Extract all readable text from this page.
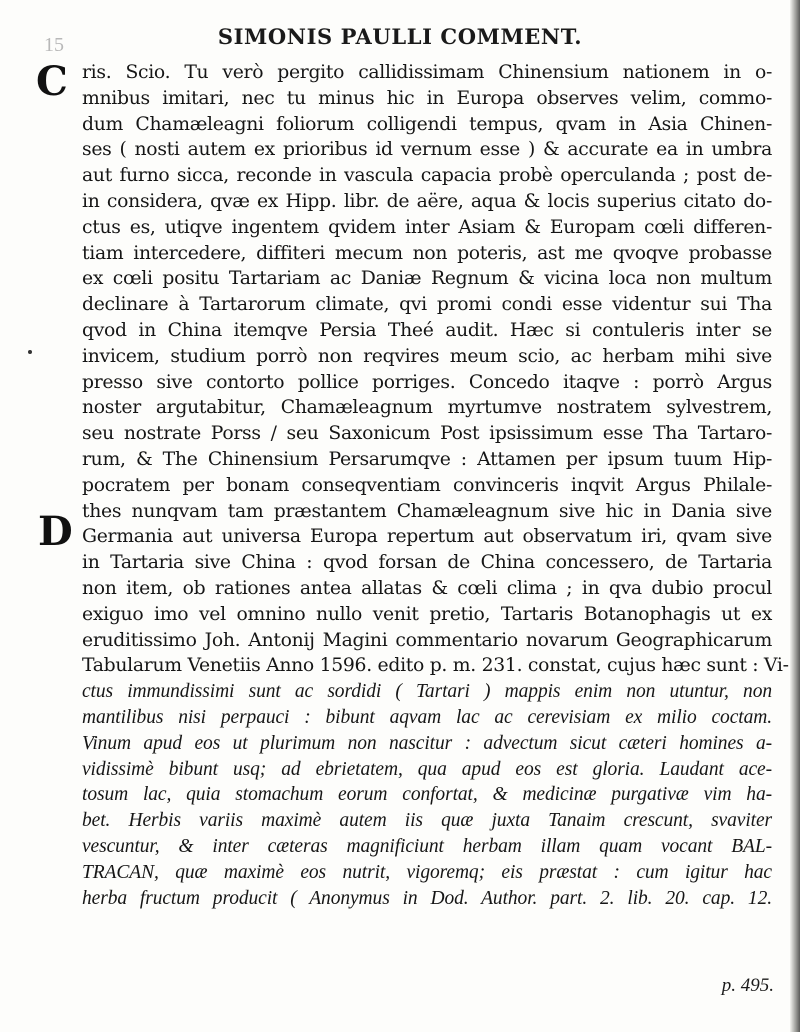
15	SIMONIS PAULLI COMMENT.
C
D
ris. Scio. Tu verò pergito callidissimam Chinensium nationem in o-
mnibus imitari, nec tu minus hic in Europa observes velim, commo-
dum Chamæleagni foliorum colligendi tempus, qvam in Asia Chinen-
ses ( nosti autem ex prioribus id vernum esse ) & accurate ea in umbra
aut furno sicca, reconde in vascula capacia probè operculanda ; post de-
in considera, qvæ ex Hipp. libr. de aëre, aqua & locis superius citato do-
ctus es, utiqve ingentem qvidem inter Asiam & Europam cœli differen-
tiam intercedere, diffiteri mecum non poteris, ast me qvoqve probasse
ex cœli positu Tartariam ac Daniæ Regnum & vicina loca non multum
declinare à Tartarorum climate, qvi promi condi esse videntur sui Tha
qvod in China itemqve Persia Theé audit. Hæc si contuleris inter se
invicem, studium porrò non reqvires meum scio, ac herbam mihi sive
presso sive contorto pollice porriges. Concedo itaqve : porrò Argus
noster argutabitur, Chamæleagnum myrtumve nostratem sylvestrem,
seu nostrate Porss / seu Saxonicum Post ipsissimum esse Tha Tartaro-
rum, & The Chinensium Persarumqve : Attamen per ipsum tuum Hip-
pocratem per bonam conseqventiam convinceris inqvit Argus Philale-
thes nunqvam tam præstantem Chamæleagnum sive hic in Dania sive
Germania aut universa Europa repertum aut observatum iri, qvam sive
in Tartaria sive China : qvod forsan de China concessero, de Tartaria
non item, ob rationes antea allatas & cœli clima ; in qva dubio procul
exiguo imo vel omnino nullo venit pretio, Tartaris Botanophagis ut ex
eruditissimo Joh. Antonij Magini commentario novarum Geographicarum
Tabularum Venetiis Anno 1596. edito p. m. 231. constat, cujus hæc sunt : Vi-
ctus immundissimi sunt ac sordidi ( Tartari ) mappis enim non utuntur, non
mantilibus nisi perpauci : bibunt aqvam lac ac cerevisiam ex milio coctam.
Vinum apud eos ut plurimum non nascitur : advectum sicut cæteri homines a-
vidissimè bibunt usq; ad ebrietatem, qua apud eos est gloria. Laudant ace-
tosum lac, quia stomachum eorum confortat, & medicinæ purgativæ vim ha-
bet. Herbis variis maximè autem iis quæ juxta Tanaim crescunt, svaviter
vescuntur, & inter cæteras magnificiunt herbam illam quam vocant BAL-
TRACAN, quæ maximè eos nutrit, vigoremq; eis præstat : cum igitur hac
herba fructum producit ( Anonymus in Dod. Author. part. 2. lib. 20. cap. 12.
p. 495.
